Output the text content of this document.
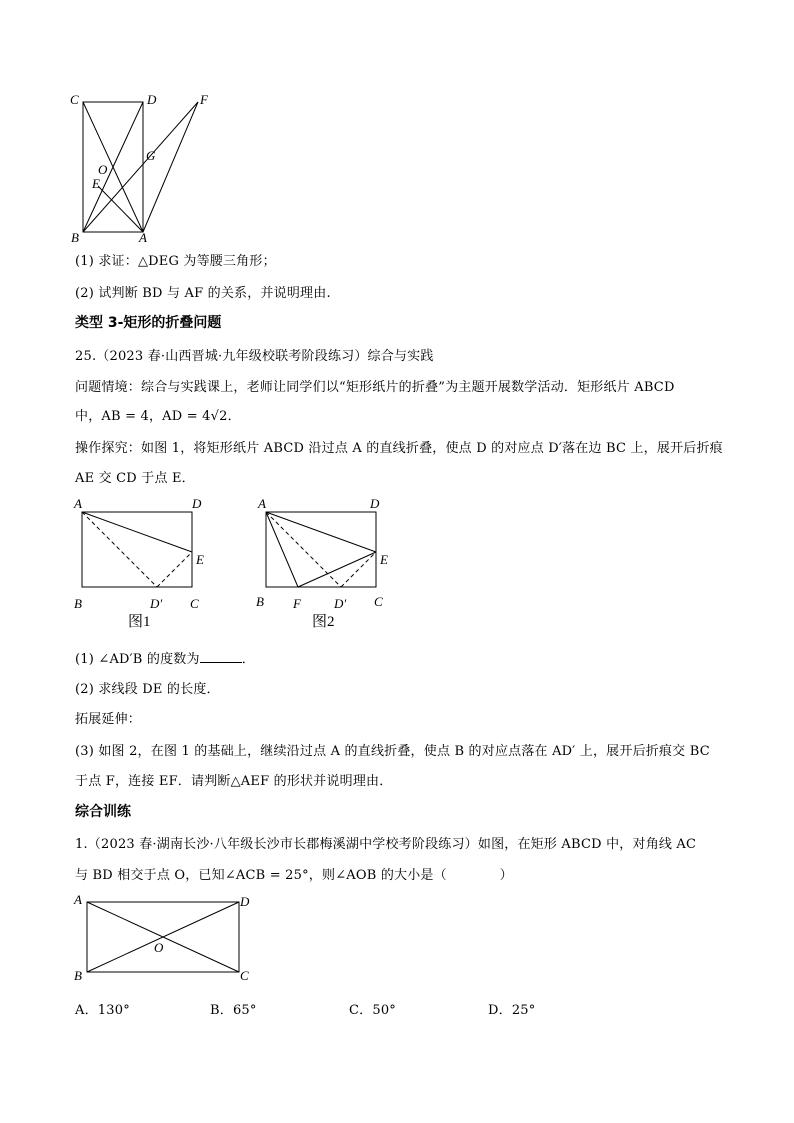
C	D	F
O
G
E
B	A
(1) 求证：△DEG 为等腰三角形；
(2) 试判断 BD 与 AF 的关系，并说明理由.
类型 3-矩形的折叠问题
25.（2023 春·山西晋城·九年级校联考阶段练习）综合与实践
问题情境：综合与实践课上，老师让同学们以“矩形纸片的折叠”为主题开展数学活动．矩形纸片 ABCD
中，AB = 4，AD = 4√2．
操作探究：如图 1，将矩形纸片 ABCD 沿过点 A 的直线折叠，使点 D 的对应点 D′落在边 BC 上，展开后折痕
AE 交 CD 于点 E．
A	D
E
B	D′ C
图1
A	D
E
B F	D′ C
图2
(1) ∠AD′B 的度数为	．
(2) 求线段 DE 的长度．
拓展延伸：
(3) 如图 2，在图 1 的基础上，继续沿过点 A 的直线折叠，使点 B 的对应点落在 AD′ 上，展开后折痕交 BC
于点 F，连接 EF．请判断△AEF 的形状并说明理由．
综合训练
1.（2023 春·湖南长沙·八年级长沙市长郡梅溪湖中学校考阶段练习）如图，在矩形 ABCD 中，对角线 AC
与 BD 相交于点 O，已知∠ACB = 25°，则∠AOB 的大小是（　　　　）
A	D
O
B	C
A．130°	B．65°	C．50°	D．25°
